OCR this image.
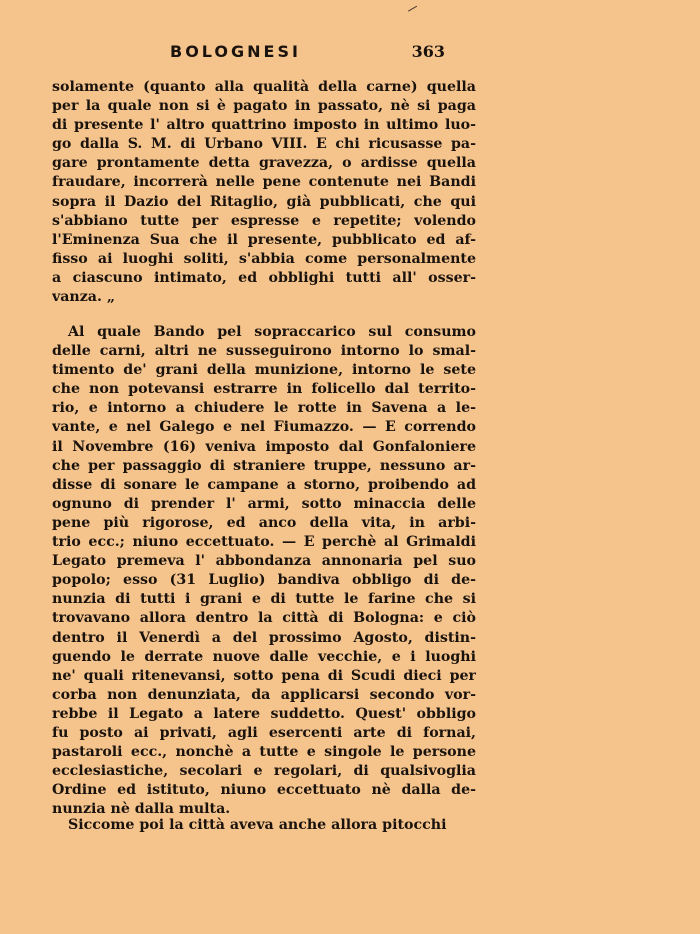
BOLOGNESI	363
solamente (quanto alla qualità della carne) quella
per la quale non si è pagato in passato, nè si paga
di presente l' altro quattrino imposto in ultimo luo-
go dalla S. M. di Urbano VIII. E chi ricusasse pa-
gare prontamente detta gravezza, o ardisse quella
fraudare, incorrerà nelle pene contenute nei Bandi
sopra il Dazio del Ritaglio, già pubblicati, che qui
s'abbiano tutte per espresse e repetite; volendo
l'Eminenza Sua che il presente, pubblicato ed af-
fisso ai luoghi soliti, s'abbia come personalmente
a ciascuno intimato, ed obblighi tutti all' osser-
vanza. „
Al quale Bando pel sopraccarico sul consumo
delle carni, altri ne susseguirono intorno lo smal-
timento de' grani della munizione, intorno le sete
che non potevansi estrarre in folicello dal territo-
rio, e intorno a chiudere le rotte in Savena a le-
vante, e nel Galego e nel Fiumazzo. — E correndo
il Novembre (16) veniva imposto dal Gonfaloniere
che per passaggio di straniere truppe, nessuno ar-
disse di sonare le campane a storno, proibendo ad
ognuno di prender l' armi, sotto minaccia delle
pene più rigorose, ed anco della vita, in arbi-
trio ecc.; niuno eccettuato. — E perchè al Grimaldi
Legato premeva l' abbondanza annonaria pel suo
popolo; esso (31 Luglio) bandiva obbligo di de-
nunzia di tutti i grani e di tutte le farine che si
trovavano allora dentro la città di Bologna: e ciò
dentro il Venerdì a del prossimo Agosto, distin-
guendo le derrate nuove dalle vecchie, e i luoghi
ne' quali ritenevansi, sotto pena di Scudi dieci per
corba non denunziata, da applicarsi secondo vor-
rebbe il Legato a latere suddetto. Quest' obbligo
fu posto ai privati, agli esercenti arte di fornai,
pastaroli ecc., nonchè a tutte e singole le persone
ecclesiastiche, secolari e regolari, di qualsivoglia
Ordine ed istituto, niuno eccettuato nè dalla de-
nunzia nè dalla multa.
Siccome poi la città aveva anche allora pitocchi
